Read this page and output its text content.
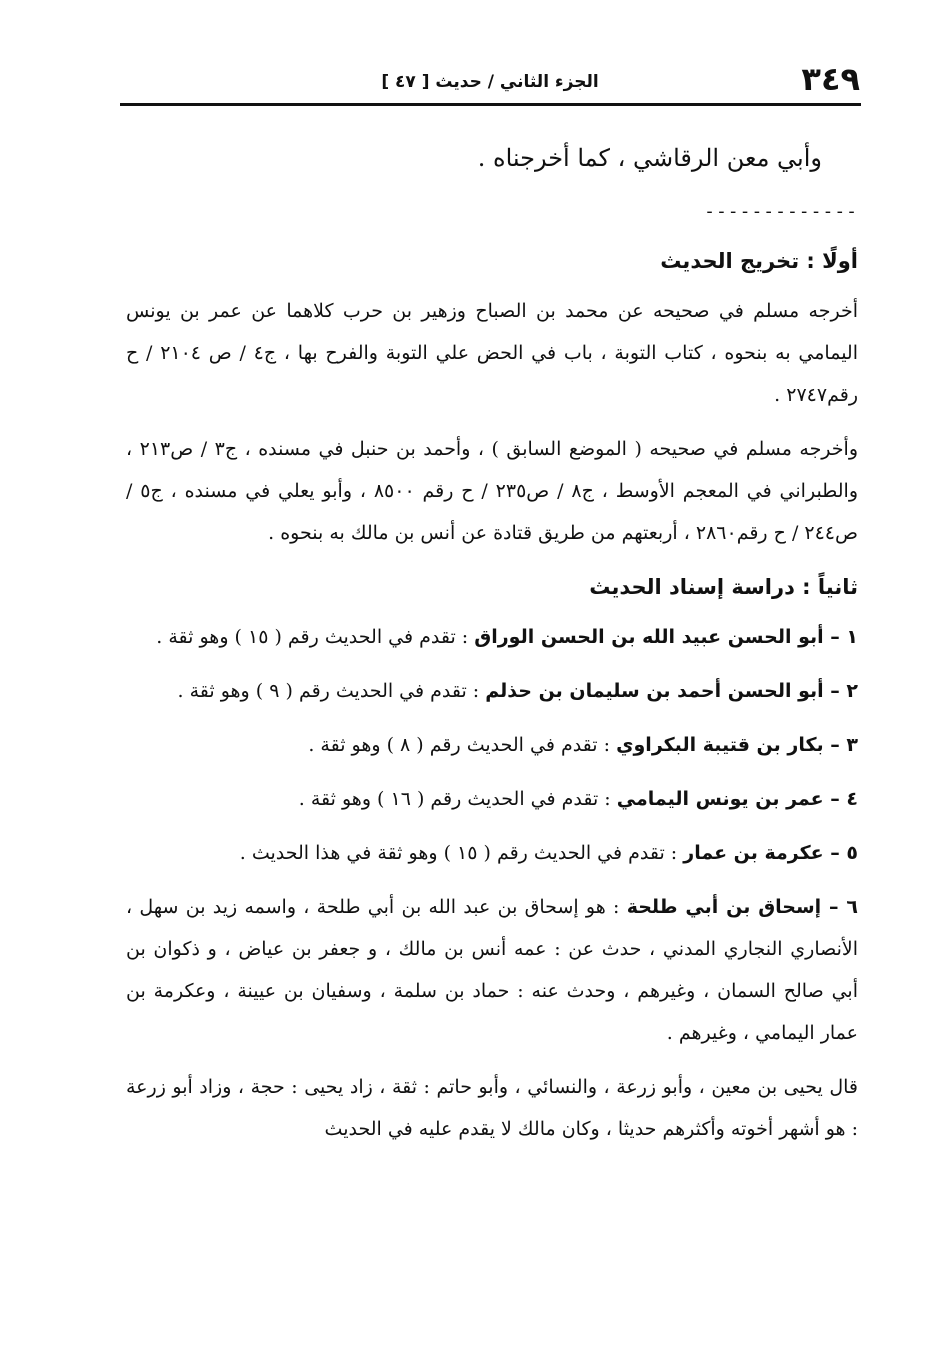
٣٤٩
الجزء الثاني / حديث [ ٤٧ ]

وأبي معن الرقاشي ، كما أخرجناه .

-------------
أولًا : تخريج الحديث

أخرجه مسلم في صحيحه عن محمد بن الصباح وزهير بن حرب كلاهما عن عمر بن يونس اليمامي به بنحوه ، كتاب التوبة ، باب في الحض علي التوبة والفرح بها ، ج٤ / ص ٢١٠٤ / ح رقم٢٧٤٧ .

وأخرجه مسلم في صحيحه ( الموضع السابق ) ، وأحمد بن حنبل في مسنده ، ج٣ / ص٢١٣ ، والطبراني في المعجم الأوسط ، ج٨ / ص٢٣٥ / ح رقم ٨٥٠٠ ، وأبو يعلي في مسنده ، ج٥ / ص٢٤٤ / ح رقم٢٨٦٠ ، أربعتهم من طريق قتادة عن أنس بن مالك به بنحوه .

ثانياً : دراسة إسناد الحديث

١ – أبو الحسن عبيد الله بن الحسن الوراق : تقدم في الحديث رقم ( ١٥ ) وهو ثقة .

٢ – أبو الحسن أحمد بن سليمان بن حذلم : تقدم في الحديث رقم ( ٩ ) وهو ثقة .

٣ – بكار بن قتيبة البكراوي : تقدم في الحديث رقم ( ٨ ) وهو ثقة .

٤ – عمر بن يونس اليمامي : تقدم في الحديث رقم ( ١٦ ) وهو ثقة .

٥ – عكرمة بن عمار : تقدم في الحديث رقم ( ١٥ ) وهو ثقة في هذا الحديث .

٦ – إسحاق بن أبي طلحة : هو إسحاق بن عبد الله بن أبي طلحة ، واسمه زيد بن سهل ، الأنصاري النجاري المدني ، حدث عن : عمه أنس بن مالك ، و جعفر بن عياض ، و ذكوان بن أبي صالح السمان ، وغيرهم ، وحدث عنه : حماد بن سلمة ، وسفيان بن عيينة ، وعكرمة بن عمار اليمامي ، وغيرهم .

قال يحيى بن معين ، وأبو زرعة ، والنسائي ، وأبو حاتم : ثقة ، زاد يحيى : حجة ، وزاد أبو زرعة : هو أشهر أخوته وأكثرهم حديثا ، وكان مالك لا يقدم عليه في الحديث
